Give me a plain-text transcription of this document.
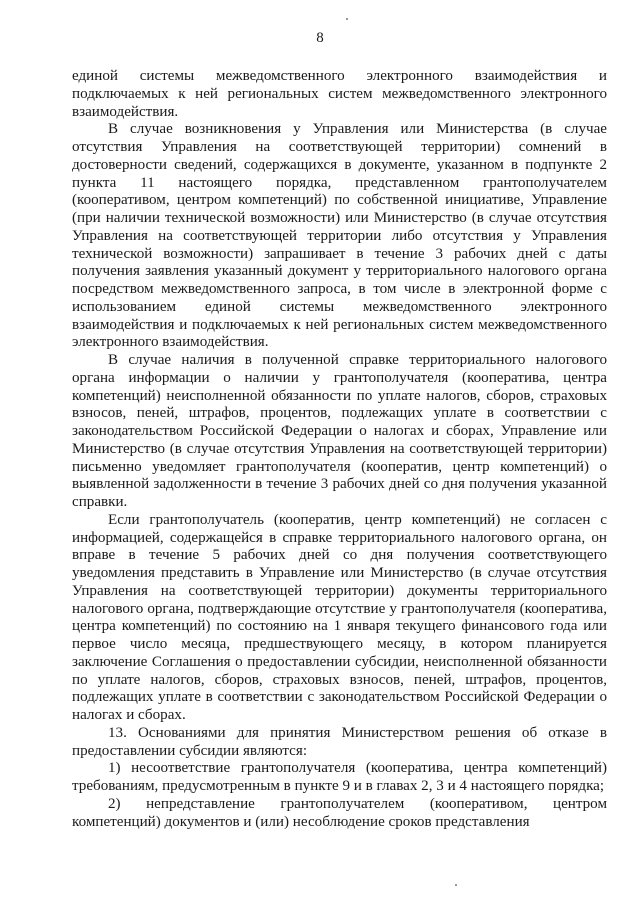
8

единой системы межведомственного электронного взаимодействия и подключаемых к ней региональных систем межведомственного электронного взаимодействия.

В случае возникновения у Управления или Министерства (в случае отсутствия Управления на соответствующей территории) сомнений в достоверности сведений, содержащихся в документе, указанном в подпункте 2 пункта 11 настоящего порядка, представленном грантополучателем (кооперативом, центром компетенций) по собственной инициативе, Управление (при наличии технической возможности) или Министерство (в случае отсутствия Управления на соответствующей территории либо отсутствия у Управления технической возможности) запрашивает в течение 3 рабочих дней с даты получения заявления указанный документ у территориального налогового органа посредством межведомственного запроса, в том числе в электронной форме с использованием единой системы межведомственного электронного взаимодействия и подключаемых к ней региональных систем межведомственного электронного взаимодействия.

В случае наличия в полученной справке территориального налогового органа информации о наличии у грантополучателя (кооператива, центра компетенций) неисполненной обязанности по уплате налогов, сборов, страховых взносов, пеней, штрафов, процентов, подлежащих уплате в соответствии с законодательством Российской Федерации о налогах и сборах, Управление или Министерство (в случае отсутствия Управления на соответствующей территории) письменно уведомляет грантополучателя (кооператив, центр компетенций) о выявленной задолженности в течение 3 рабочих дней со дня получения указанной справки.

Если грантополучатель (кооператив, центр компетенций) не согласен с информацией, содержащейся в справке территориального налогового органа, он вправе в течение 5 рабочих дней со дня получения соответствующего уведомления представить в Управление или Министерство (в случае отсутствия Управления на соответствующей территории) документы территориального налогового органа, подтверждающие отсутствие у грантополучателя (кооператива, центра компетенций) по состоянию на 1 января текущего финансового года или первое число месяца, предшествующего месяцу, в котором планируется заключение Соглашения о предоставлении субсидии, неисполненной обязанности по уплате налогов, сборов, страховых взносов, пеней, штрафов, процентов, подлежащих уплате в соответствии с законодательством Российской Федерации о налогах и сборах.

13. Основаниями для принятия Министерством решения об отказе в предоставлении субсидии являются:

1) несоответствие грантополучателя (кооператива, центра компетенций) требованиям, предусмотренным в пункте 9 и в главах 2, 3 и 4 настоящего порядка;

2) непредставление грантополучателем (кооперативом, центром компетенций) документов и (или) несоблюдение сроков представления
